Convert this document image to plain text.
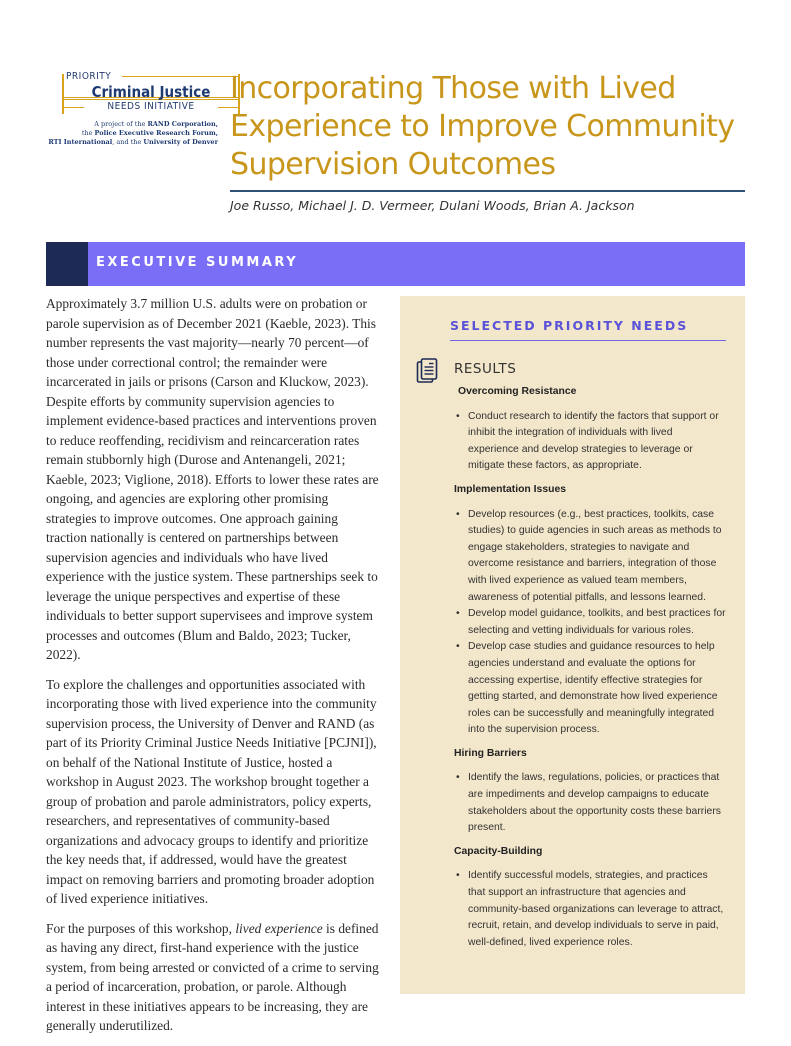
PRIORITY
Criminal Justice
NEEDS INITIATIVE
A project of the RAND Corporation,
the Police Executive Research Forum,
RTI International, and the University of Denver
Incorporating Those with Lived Experience to Improve Community Supervision Outcomes
Joe Russo, Michael J. D. Vermeer, Dulani Woods, Brian A. Jackson
EXECUTIVE SUMMARY

Approximately 3.7 million U.S. adults were on probation or parole supervision as of December 2021 (Kaeble, 2023). This number represents the vast majority—nearly 70 percent—of those under correctional control; the remainder were incarcerated in jails or prisons (Carson and Kluckow, 2023). Despite efforts by community supervision agencies to implement evidence-based practices and interventions proven to reduce reoffending, recidivism and reincarceration rates remain stubbornly high (Durose and Antenangeli, 2021; Kaeble, 2023; Viglione, 2018). Efforts to lower these rates are ongoing, and agencies are exploring other promising strategies to improve outcomes. One approach gaining traction nationally is centered on partnerships between supervision agencies and individuals who have lived experience with the justice system. These partnerships seek to leverage the unique perspectives and expertise of these individuals to better support supervisees and improve system processes and outcomes (Blum and Baldo, 2023; Tucker, 2022).

To explore the challenges and opportunities associated with incorporating those with lived experience into the community supervision process, the University of Denver and RAND (as part of its Priority Criminal Justice Needs Initiative [PCJNI]), on behalf of the National Institute of Justice, hosted a workshop in August 2023. The workshop brought together a group of probation and parole administrators, policy experts, researchers, and representatives of community-based organizations and advocacy groups to identify and prioritize the key needs that, if addressed, would have the greatest impact on removing barriers and promoting broader adoption of lived experience initiatives.

For the purposes of this workshop, lived experience is defined as having any direct, first-hand experience with the justice system, from being arrested or convicted of a crime to serving a period of incarceration, probation, or parole. Although interest in these initiatives appears to be increasing, they are generally underutilized.

SELECTED PRIORITY NEEDS
RESULTS
Overcoming Resistance
• Conduct research to identify the factors that support or inhibit the integration of individuals with lived experience and develop strategies to leverage or mitigate these factors, as appropriate.
Implementation Issues
• Develop resources (e.g., best practices, toolkits, case studies) to guide agencies in such areas as methods to engage stakeholders, strategies to navigate and overcome resistance and barriers, integration of those with lived experience as valued team members, awareness of potential pitfalls, and lessons learned.
• Develop model guidance, toolkits, and best practices for selecting and vetting individuals for various roles.
• Develop case studies and guidance resources to help agencies understand and evaluate the options for accessing expertise, identify effective strategies for getting started, and demonstrate how lived experience roles can be successfully and meaningfully integrated into the supervision process.
Hiring Barriers
• Identify the laws, regulations, policies, or practices that are impediments and develop campaigns to educate stakeholders about the opportunity costs these barriers present.
Capacity-Building
• Identify successful models, strategies, and practices that support an infrastructure that agencies and community-based organizations can leverage to attract, recruit, retain, and develop individuals to serve in paid, well-defined, lived experience roles.
